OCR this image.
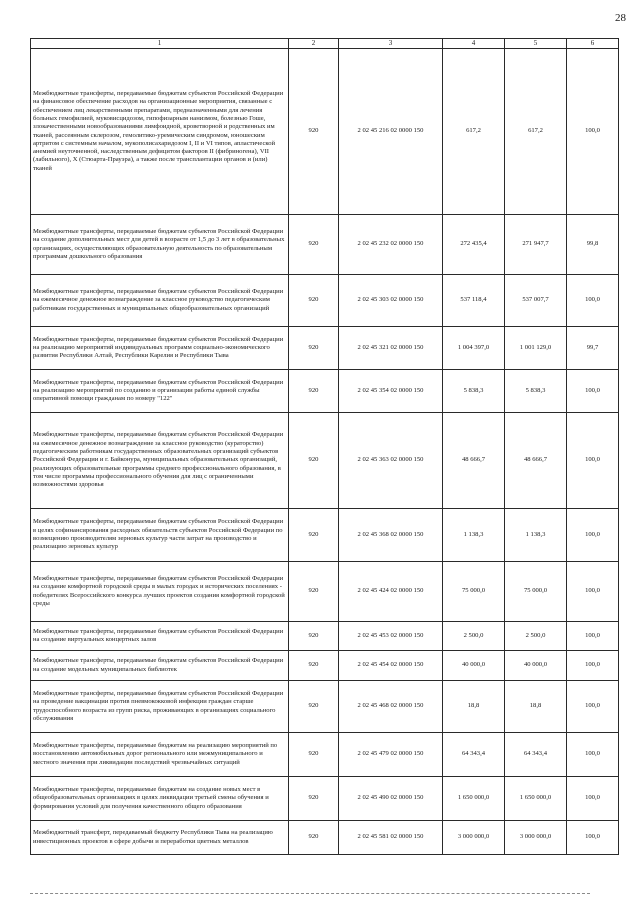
28
1	2	3	4	5	6
Межбюджетные трансферты, передаваемые бюджетам субъектов Российской Федерации на финансовое обеспечение расходов на организационные мероприятия, связанные с обеспечением лиц лекарственными препаратами, предназначенными для лечения больных гемофилией, муковисцидозом, гипофизарным нанизмом, болезнью Гоше, злокачественными новообразованиями лимфоидной, кроветворной и родственных им тканей, рассеянным склерозом, гемолитико-уремическим синдромом, юношеским артритом с системным началом, мукополисахаридозом I, II и VI типов, апластической анемией неуточненной, наследственным дефицитом факторов II (фибриногена), VII (лабильного), X (Стюарта-Прауэра), а также после трансплантации органов и (или) тканей	920	2 02 45 216 02 0000 150	617,2	617,2	100,0
Межбюджетные трансферты, передаваемые бюджетам субъектов Российской Федерации на создание дополнительных мест для детей в возрасте от 1,5 до 3 лет в образовательных организациях, осуществляющих образовательную деятельность по образовательным программам дошкольного образования	920	2 02 45 232 02 0000 150	272 435,4	271 947,7	99,8
Межбюджетные трансферты, передаваемые бюджетам субъектов Российской Федерации на ежемесячное денежное вознаграждение за классное руководство педагогическим работникам государственных и муниципальных общеобразовательных организаций	920	2 02 45 303 02 0000 150	537 118,4	537 007,7	100,0
Межбюджетные трансферты, передаваемые бюджетам субъектов Российской Федерации на реализацию мероприятий индивидуальных программ социально-экономического развития Республики Алтай, Республики Карелия и Республики Тыва	920	2 02 45 321 02 0000 150	1 004 397,0	1 001 129,0	99,7
Межбюджетные трансферты, передаваемые бюджетам субъектов Российской Федерации на реализацию мероприятий по созданию и организации работы единой службы оперативной помощи гражданам по номеру "122"	920	2 02 45 354 02 0000 150	5 838,3	5 838,3	100,0
Межбюджетные трансферты, передаваемые бюджетам субъектов Российской Федерации на ежемесячное денежное вознаграждение за классное руководство (кураторство) педагогическим работникам государственных образовательных организаций субъектов Российской Федерации и г. Байконура, муниципальных образовательных организаций, реализующих образовательные программы среднего профессионального образования, в том числе программы профессионального обучения для лиц с ограниченными возможностями здоровья	920	2 02 45 363 02 0000 150	48 666,7	48 666,7	100,0
Межбюджетные трансферты, передаваемые бюджетам субъектов Российской Федерации в целях софинансирования расходных обязательств субъектов Российской Федерации по возмещению производителям зерновых культур части затрат на производство и реализацию зерновых культур	920	2 02 45 368 02 0000 150	1 138,3	1 138,3	100,0
Межбюджетные трансферты, передаваемые бюджетам субъектов Российской Федерации на создание комфортной городской среды в малых городах и исторических поселениях - победителях Всероссийского конкурса лучших проектов создания комфортной городской среды	920	2 02 45 424 02 0000 150	75 000,0	75 000,0	100,0
Межбюджетные трансферты, передаваемые бюджетам субъектов Российской Федерации на создание виртуальных концертных залов	920	2 02 45 453 02 0000 150	2 500,0	2 500,0	100,0
Межбюджетные трансферты, передаваемые бюджетам субъектов Российской Федерации на создание модельных муниципальных библиотек	920	2 02 45 454 02 0000 150	40 000,0	40 000,0	100,0
Межбюджетные трансферты, передаваемые бюджетам субъектов Российской Федерации на проведение вакцинации против пневмококковой инфекции граждан старше трудоспособного возраста из групп риска, проживающих в организациях социального обслуживания	920	2 02 45 468 02 0000 150	18,8	18,8	100,0
Межбюджетные трансферты, передаваемые бюджетам на реализацию мероприятий по восстановлению автомобильных дорог регионального или межмуниципального и местного значения при ликвидации последствий чрезвычайных ситуаций	920	2 02 45 479 02 0000 150	64 343,4	64 343,4	100,0
Межбюджетные трансферты, передаваемые бюджетам на создание новых мест в общеобразовательных организациях в целях ликвидации третьей смены обучения и формирования условий для получения качественного общего образования	920	2 02 45 490 02 0000 150	1 650 000,0	1 650 000,0	100,0
Межбюджетный трансферт, передаваемый бюджету Республики Тыва на реализацию инвестиционных проектов в сфере добычи и переработки цветных металлов	920	2 02 45 581 02 0000 150	3 000 000,0	3 000 000,0	100,0
